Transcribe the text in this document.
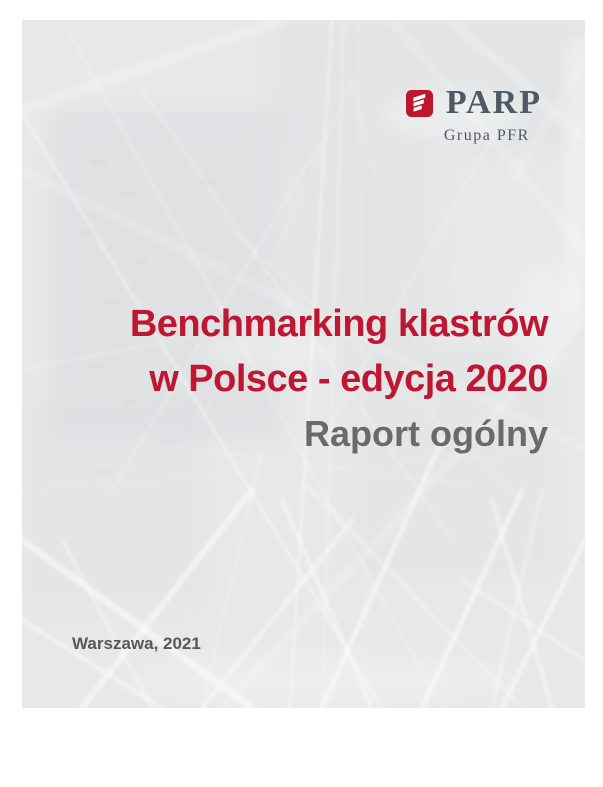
PARP
Grupa PFR
Benchmarking klastrów
w Polsce - edycja 2020
Raport ogólny
Warszawa, 2021
